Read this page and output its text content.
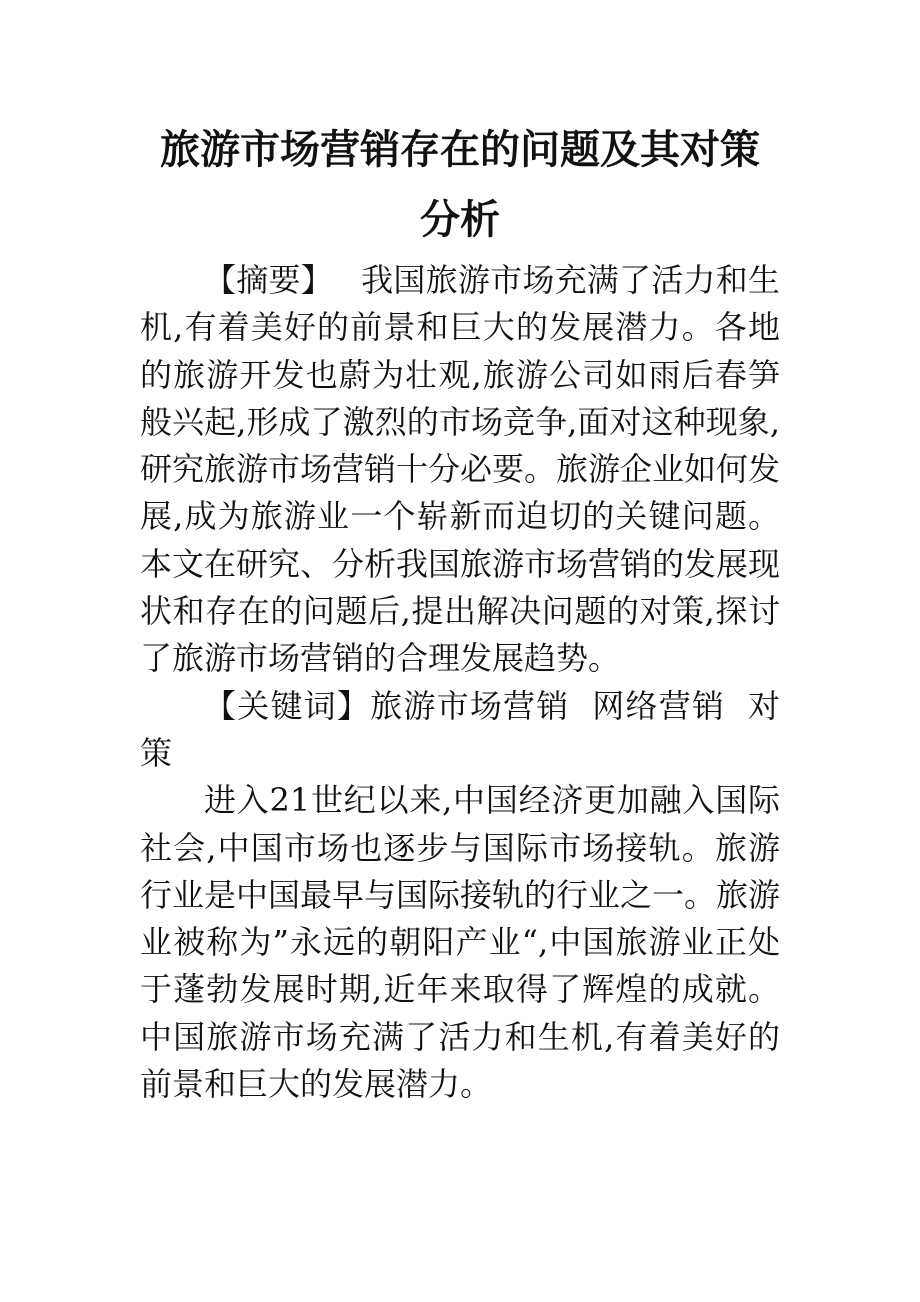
旅游市场营销存在的问题及其对策
分析

【摘要】 我国旅游市场充满了活力和生机,有着美好的前景和巨大的发展潜力。各地的旅游开发也蔚为壮观,旅游公司如雨后春笋般兴起,形成了激烈的市场竞争,面对这种现象,研究旅游市场营销十分必要。旅游企业如何发展,成为旅游业一个崭新而迫切的关键问题。本文在研究、分析我国旅游市场营销的发展现状和存在的问题后,提出解决问题的对策,探讨了旅游市场营销的合理发展趋势。

【关键词】旅游市场营销  网络营销  对策

进入21世纪以来,中国经济更加融入国际社会,中国市场也逐步与国际市场接轨。旅游行业是中国最早与国际接轨的行业之一。旅游业被称为”永远的朝阳产业“,中国旅游业正处于蓬勃发展时期,近年来取得了辉煌的成就。中国旅游市场充满了活力和生机,有着美好的前景和巨大的发展潜力。
